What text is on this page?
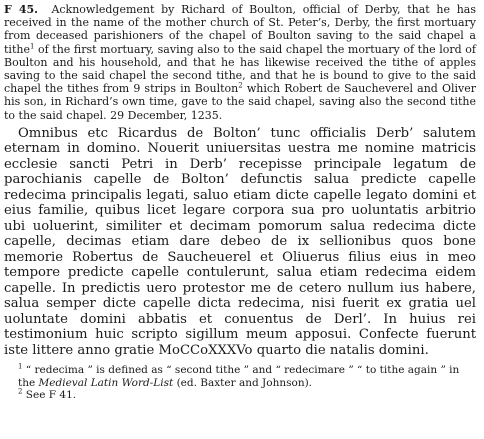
F 45. Acknowledgement by Richard of Boulton, official of Derby, that he has received in the name of the mother church of St. Peter’s, Derby, the first mortuary from deceased parishioners of the chapel of Boulton saving to the said chapel a tithe$^1$ of the first mortuary, saving also to the said chapel the mortuary of the lord of Boulton and his household, and that he has likewise received the tithe of apples saving to the said chapel the second tithe, and that he is bound to give to the said chapel the tithes from 9 strips in Boulton$^2$ which Robert de Saucheverel and Oliver his son, in Richard’s own time, gave to the said chapel, saving also the second tithe to the said chapel. 29 December, 1235.

Omnibus etc Ricardus de Bolton’ tunc officialis Derb’ salutem eternam in domino. Nouerit uniuersitas uestra me nomine matricis ecclesie sancti Petri in Derb’ recepisse principale legatum de parochianis capelle de Bolton’ defunctis salua predicte capelle redecima principalis legati, saluo etiam dicte capelle legato domini et eius familie, quibus licet legare corpora sua pro uoluntatis arbitrio ubi uoluerint, similiter et decimam pomorum salua redecima dicte capelle, decimas etiam dare debeo de ix sellionibus quos bone memorie Robertus de Saucheuerel et Oliuerus filius eius in meo tempore predicte capelle contulerunt, salua etiam redecima eidem capelle. In predictis uero protestor me de cetero nullum ius habere, salua semper dicte capelle dicta redecima, nisi fuerit ex gratia uel uoluntate domini abbatis et conuentus de Derl’. In huius rei testimonium huic scripto sigillum meum apposui. Confecte fuerunt iste littere anno gratie MoCCoXXXVo quarto die natalis domini.
$^1$ “ redecima ” is defined as “ second tithe ” and “ redecimare ” “ to tithe again ” in the Medieval Latin Word-List (ed. Baxter and Johnson).
$^2$ See F 41.
